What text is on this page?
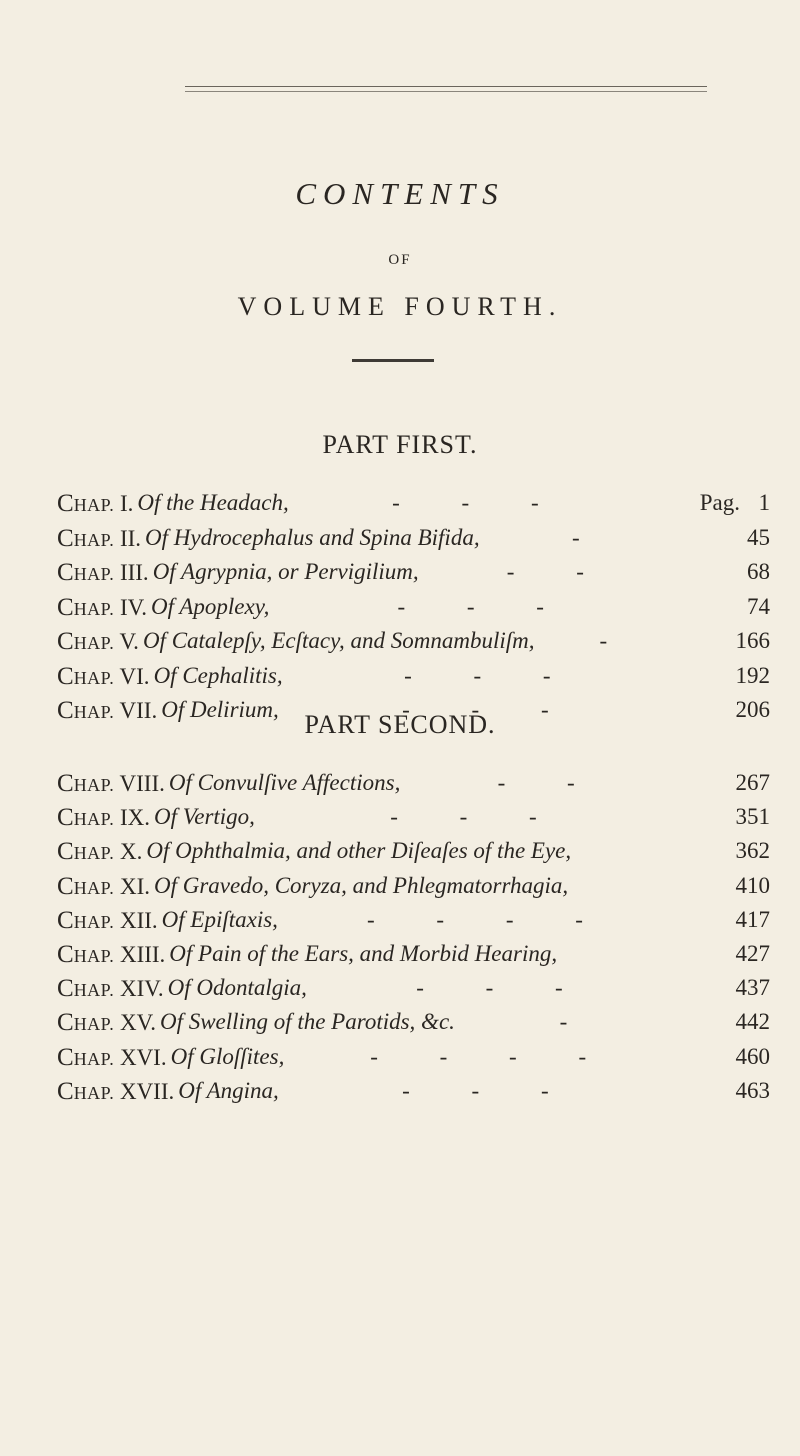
CONTENTS
OF
VOLUME FOURTH.
PART FIRST.
PART SECOND.
CHAP. I. Of the Headach,	1
Pag.
- - -
CHAP. II. Of Hydrocephalus and Spina Bifida,	45
-
CHAP. III. Of Agrypnia, or Pervigilium,	68
- -
CHAP. IV. Of Apoplexy,	74
- - -
CHAP. V. Of Catalepſy, Ecſtacy, and Somnambuliſm,	166
-
CHAP. VI. Of Cephalitis,	192
- - -
CHAP. VII. Of Delirium,	206
- - -
CHAP. VIII. Of Convulſive Affections,	267
- -
CHAP. IX. Of Vertigo,	351
- - -
CHAP. X. Of Ophthalmia, and other Diſeaſes of the Eye,	362
CHAP. XI. Of Gravedo, Coryza, and Phlegmatorrhagia,	410
CHAP. XII. Of Epiſtaxis,	417
- - - -
CHAP. XIII. Of Pain of the Ears, and Morbid Hearing,	427
CHAP. XIV. Of Odontalgia,	437
- - -
CHAP. XV. Of Swelling of the Parotids, &c.	442
-
CHAP. XVI. Of Gloſſites,	460
- - - -
CHAP. XVII. Of Angina,	463
- - -
